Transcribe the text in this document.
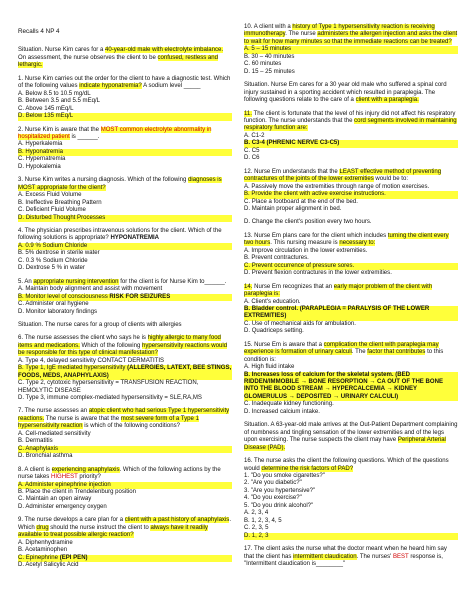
Recalls 4 NP 4

Situation. Nurse Kim cares for a 40-year-old male with electrolyte imbalance. On assessment, the nurse observes the client to be confused, restless and lethargic.

1. Nurse Kim carries out the order for the client to have a diagnostic test. Which of the following values indicate hyponatremia? A sodium level _____
A. Below 8.5 to 10.5 mg/dL
B. Between 3.5 and 5.5 mEq/L
C. Above 145 mEq/L
D. Below 135 mEq/L

2. Nurse Kim is aware that the MOST common electrolyte abnormality in hospitalized patient is ______.
A. Hyperkalemia
B. Hyponatremia
C. Hypernatremia
D. Hypokalemia

3. Nurse Kim writes a nursing diagnosis. Which of the following diagnoses is MOST appropriate for the client?
A. Excess Fluid Volume
B. Ineffective Breathing Pattern
C. Deficient Fluid Volume
D. Disturbed Thought Processes

4. The physician prescribes intravenous solutions for the client. Which of the following solutions is appropriate? HYPONATREMIA
A. 0.9 % Sodium Chloride
B. 5% dextrose in sterile water
C. 0.3 % Sodium Chloride
D. Dextrose 5 % in water

5. An appropriate nursing intervention for the client is for Nurse Kim to______.
A. Maintain body alignment and assist with movement
B. Monitor level of consciousness RISK FOR SEIZURES
C. Administer oral hygiene
D. Monitor laboratory findings

Situation. The nurse cares for a group of clients with allergies

6. The nurse assesses the client who says he is highly allergic to many food items and medications. Which of the following hypersensitivity reactions would be responsible for this type of clinical manifestation?
A. Type 4, delayed sensitivity CONTACT DERMATITIS
B. Type 1, IgE mediated hypersensitivity (ALLERGIES, LATEXT, BEE STINGS, FOODS, MEDS, ANAPHYLAXIS)
C. Type 2, cytotoxic hypersensitivity = TRANSFUSION REACTION, HEMOLYTIC DISEASE
D. Type 3, immune complex-mediated hypersensitivity = SLE,RA,MS

7. The nurse assesses an atopic client who had serious Type 1 hypersensitivity reactions. The nurse is aware that the most severe form of a Type 1 hypersensitivity reaction is which of the following conditions?
A. Cell-mediated sensitivity
B. Dermatitis
C. Anaphylaxis
D. Bronchial asthma

8. A client is experiencing anaphylaxis. Which of the following actions by the nurse takes HIGHEST priority?
A. Administer epinephrine injection
B. Place the client in Trendelenburg position
C. Maintain an open airway
D. Administer emergency oxygen

9. The nurse develops a care plan for a client with a past history of anaphylaxis. Which drug should the nurse instruct the client to always have it readily available to treat possible allergic reaction?
A. Diphenhydramine
B. Acetaminophen
C. Epinephrine (EPI PEN)
D. Acetyl Salicylic Acid

10. A client with a history of Type 1 hypersensitivity reaction is receiving immunotherapy. The nurse administers the allergen injection and asks the client to wait for how many minutes so that the immediate reactions can be treated?
A. 5 – 15 minutes
B. 30 – 40 minutes
C. 60 minutes
D. 15 – 25 minutes

Situation. Nurse Em cares for a 30 year old male who suffered a spinal cord injury sustained in a sporting accident which resulted in paraplegia. The following questions relate to the care of a client with a paraplegia.

11. The client is fortunate that the level of his injury did not affect his respiratory function. The nurse understands that the cord segments involved in maintaining respiratory function are:
A. C1-2
B. C3-4 (PHRENIC NERVE C3-C5)
C. C5
D. C6

12. Nurse Em understands that the LEAST effective method of preventing contractures of the joints of the lower extremities would be to:
A. Passively move the extremities through range of motion exercises.
B. Provide the client with active exercise instructions.
C. Place a footboard at the end of the bed.
D. Maintain proper alignment in bed.

D. Change the client's position every two hours.

13. Nurse Em plans care for the client which includes turning the client every two hours. This nursing measure is necessary to:
A. Improve circulation in the lower extremities.
B. Prevent contractures.
C. Prevent occurrence of pressure sores.
D. Prevent flexion contractures in the lower extremities.

14. Nurse Em recognizes that an early major problem of the client with paraplegia is:
A. Client's education.
B. Bladder control. (PARAPLEGIA = PARALYSIS OF THE LOWER EXTREMITIES)
C. Use of mechanical aids for ambulation.
D. Quadriceps setting.

15. Nurse Em is aware that a complication the client with paraplegia may experience is formation of urinary calculi. The factor that contributes to this condition is:
A. High fluid intake
B. Increases loss of calcium for the skeletal system. (BED RIDDEN/IMMOBILE → BONE RESORPTION → CA OUT OF THE BONE INTO THE BLOOD STREAM → HYPERCALCEMIA → KIDNEY GLOMERULUS → DEPOSITED → URINARY CALCULI)
C. Inadequate kidney functioning.
D. Increased calcium intake.

Situation. A 63-year-old male arrives at the Out-Patient Department complaining of numbness and tingling sensation of the lower extremities and of the legs upon exercising. The nurse suspects the client may have Peripheral Arterial Disease (PAD).

16. The nurse asks the client the following questions. Which of the questions would determine the risk factors of PAD?
1. "Do you smoke cigarettes?"
2. "Are you diabetic?"
3. "Are you hypertensive?"
4. "Do you exercise?"
5. "Do you drink alcohol?"
A. 2, 3, 4
B. 1, 2, 3, 4, 5
C. 2, 3, 5
D. 1, 2, 3

17. The client asks the nurse what the doctor meant when he heard him say that the client has intermittent claudication. The nurses' BEST response is, "Intermittent claudication is________"
